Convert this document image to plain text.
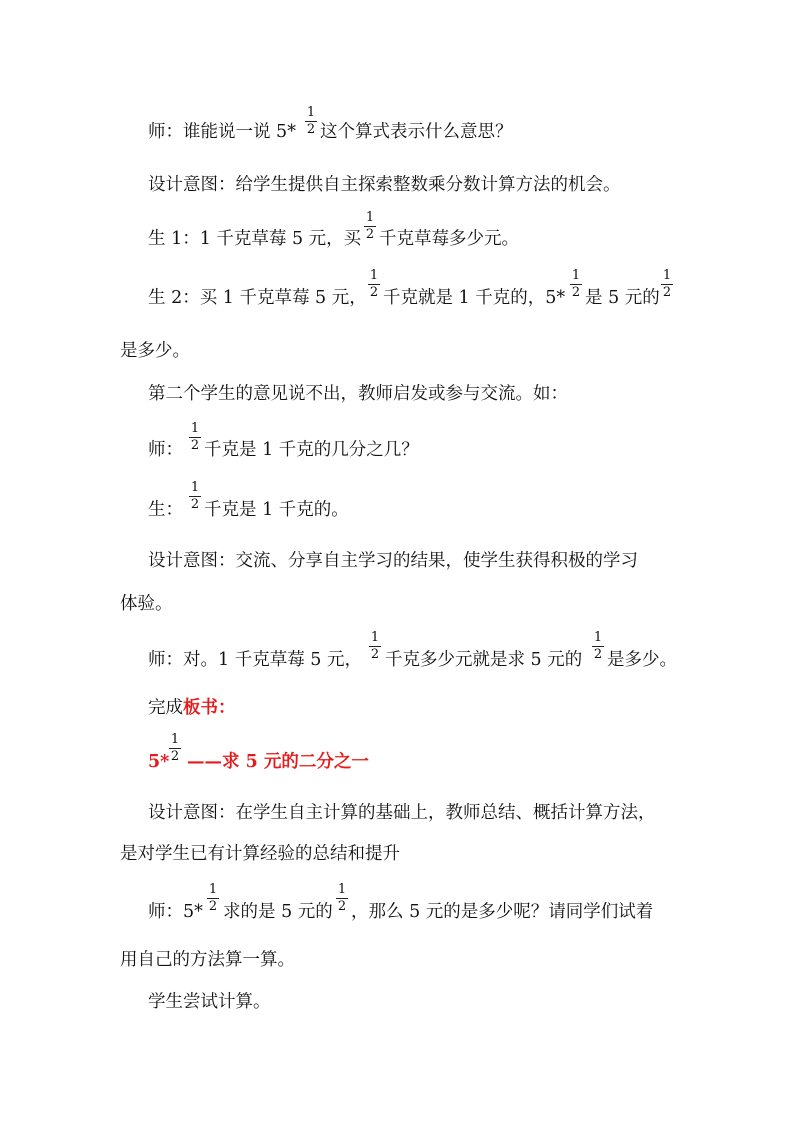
师：谁能说一说 5*
1
2 这个算式表示什么意思？
设计意图：给学生提供自主探索整数乘分数计算方法的机会。
生 1：1 千克草莓 5 元，买
1
2 千克草莓多少元。
生 2：买 1 千克草莓 5 元，
1
2 千克就是 1 千克的，5*
1
2 是 5 元的
1
2
是多少。
第二个学生的意见说不出，教师启发或参与交流。如：
师：
1
2 千克是 1 千克的几分之几？
生：
1
2 千克是 1 千克的。
设计意图：交流、分享自主学习的结果，使学生获得积极的学习
体验。
师：对。1 千克草莓 5 元，
1
2 千克多少元就是求 5 元的
1
2 是多少。
完成板书：
5*
1
2 ——求 5 元的二分之一
设计意图：在学生自主计算的基础上，教师总结、概括计算方法，
是对学生已有计算经验的总结和提升
师：5*
1
2 求的是 5 元的
1
2 ，那么 5 元的是多少呢？请同学们试着
用自己的方法算一算。
学生尝试计算。
